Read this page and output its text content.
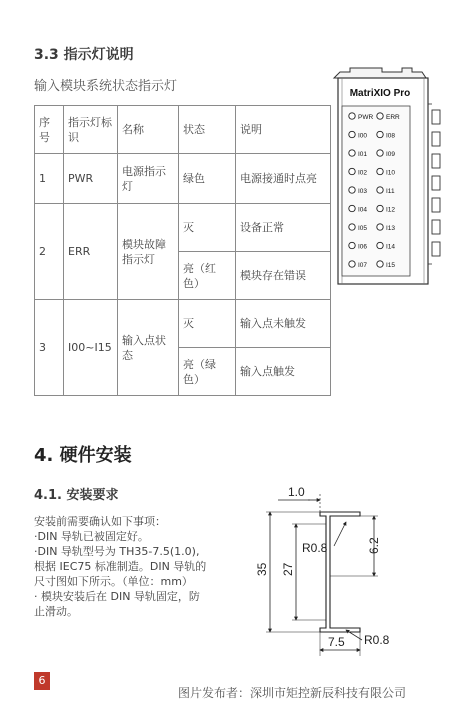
3.3 指示灯说明
输入模块系统状态指示灯
序号	指示灯标识	名称	状态	说明
1	PWR	电源指示灯	绿色	电源接通时点亮
2	ERR	模块故障指示灯	灭	设备正常
			亮（红色）	模块存在错误
3	I00~I15	输入点状态	灭	输入点未触发
			亮（绿色）	输入点触发
MatriXIO Pro
PWR ERR
I00	I08
I01	I09
I02	I10
I03	I11
I04	I12
I05	I13
I06	I14
I07	I15
4. 硬件安装
4.1. 安装要求
安装前需要确认如下事项：
·DIN 导轨已被固定好。
·DIN 导轨型号为 TH35-7.5(1.0),
根据 IEC75 标准制造。DIN 导轨的
尺寸图如下所示。（单位：mm）
· 模块安装后在 DIN 导轨固定，防
止滑动。
1.0
35 27
R0.8	6.2
7.5 R0.8
6
图片发布者：深圳市矩控新辰科技有限公司
